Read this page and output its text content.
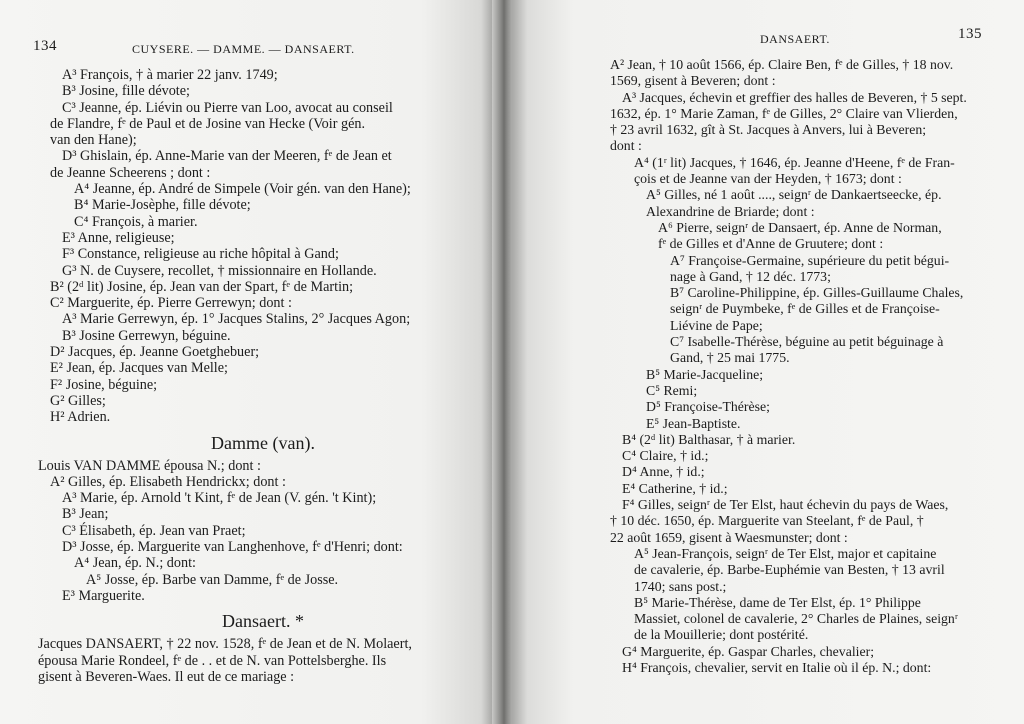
134	CUYSERE. — DAMME. — DANSAERT.
A³ François, † à marier 22 janv. 1749;
B³ Josine, fille dévote;
C³ Jeanne, ép. Liévin ou Pierre van Loo, avocat au conseil
de Flandre, fᵉ de Paul et de Josine van Hecke (Voir gén.
van den Hane);
D³ Ghislain, ép. Anne-Marie van der Meeren, fᵉ de Jean et
de Jeanne Scheerens ; dont :
A⁴ Jeanne, ép. André de Simpele (Voir gén. van den Hane);
B⁴ Marie-Josèphe, fille dévote;
C⁴ François, à marier.
E³ Anne, religieuse;
F³ Constance, religieuse au riche hôpital à Gand;
G³ N. de Cuysere, recollet, † missionnaire en Hollande.
B² (2ᵈ lit) Josine, ép. Jean van der Spart, fᵉ de Martin;
C² Marguerite, ép. Pierre Gerrewyn; dont :
A³ Marie Gerrewyn, ép. 1° Jacques Stalins, 2° Jacques Agon;
B³ Josine Gerrewyn, béguine.
D² Jacques, ép. Jeanne Goetghebuer;
E² Jean, ép. Jacques van Melle;
F² Josine, béguine;
G² Gilles;
H² Adrien.
Damme (van).
Louis VAN DAMME épousa N.; dont :
A² Gilles, ép. Elisabeth Hendrickx; dont :
A³ Marie, ép. Arnold 't Kint, fᵉ de Jean (V. gén. 't Kint);
B³ Jean;
C³ Élisabeth, ép. Jean van Praet;
D³ Josse, ép. Marguerite van Langhenhove, fᵉ d'Henri; dont:
A⁴ Jean, ép. N.; dont:
A⁵ Josse, ép. Barbe van Damme, fᵉ de Josse.
E³ Marguerite.
Dansaert. *
Jacques DANSAERT, † 22 nov. 1528, fᵉ de Jean et de N. Molaert,
épousa Marie Rondeel, fᵉ de . . et de N. van Pottelsberghe. Ils
gisent à Beveren-Waes. Il eut de ce mariage :
DANSAERT.	135
A² Jean, † 10 août 1566, ép. Claire Ben, fᵉ de Gilles, † 18 nov.
1569, gisent à Beveren; dont :
A³ Jacques, échevin et greffier des halles de Beveren, † 5 sept.
1632, ép. 1° Marie Zaman, fᵉ de Gilles, 2° Claire van Vlierden,
† 23 avril 1632, gît à St. Jacques à Anvers, lui à Beveren;
dont :
A⁴ (1ʳ lit) Jacques, † 1646, ép. Jeanne d'Heene, fᵉ de Fran-
çois et de Jeanne van der Heyden, † 1673; dont :
A⁵ Gilles, né 1 août ...., seignʳ de Dankaertseecke, ép.
Alexandrine de Briarde; dont :
A⁶ Pierre, seignʳ de Dansaert, ép. Anne de Norman,
fᵉ de Gilles et d'Anne de Gruutere; dont :
A⁷ Françoise-Germaine, supérieure du petit bégui-
nage à Gand, † 12 déc. 1773;
B⁷ Caroline-Philippine, ép. Gilles-Guillaume Chales,
seignʳ de Puymbeke, fᵉ de Gilles et de Françoise-
Liévine de Pape;
C⁷ Isabelle-Thérèse, béguine au petit béguinage à
Gand, † 25 mai 1775.
B⁵ Marie-Jacqueline;
C⁵ Remi;
D⁵ Françoise-Thérèse;
E⁵ Jean-Baptiste.
B⁴ (2ᵈ lit) Balthasar, † à marier.
C⁴ Claire, † id.;
D⁴ Anne, † id.;
E⁴ Catherine, † id.;
F⁴ Gilles, seignʳ de Ter Elst, haut échevin du pays de Waes,
† 10 déc. 1650, ép. Marguerite van Steelant, fᵉ de Paul, †
22 août 1659, gisent à Waesmunster; dont :
A⁵ Jean-François, seignʳ de Ter Elst, major et capitaine
de cavalerie, ép. Barbe-Euphémie van Besten, † 13 avril
1740; sans post.;
B⁵ Marie-Thérèse, dame de Ter Elst, ép. 1° Philippe
Massiet, colonel de cavalerie, 2° Charles de Plaines, seignʳ
de la Mouillerie; dont postérité.
G⁴ Marguerite, ép. Gaspar Charles, chevalier;
H⁴ François, chevalier, servit en Italie où il ép. N.; dont:
